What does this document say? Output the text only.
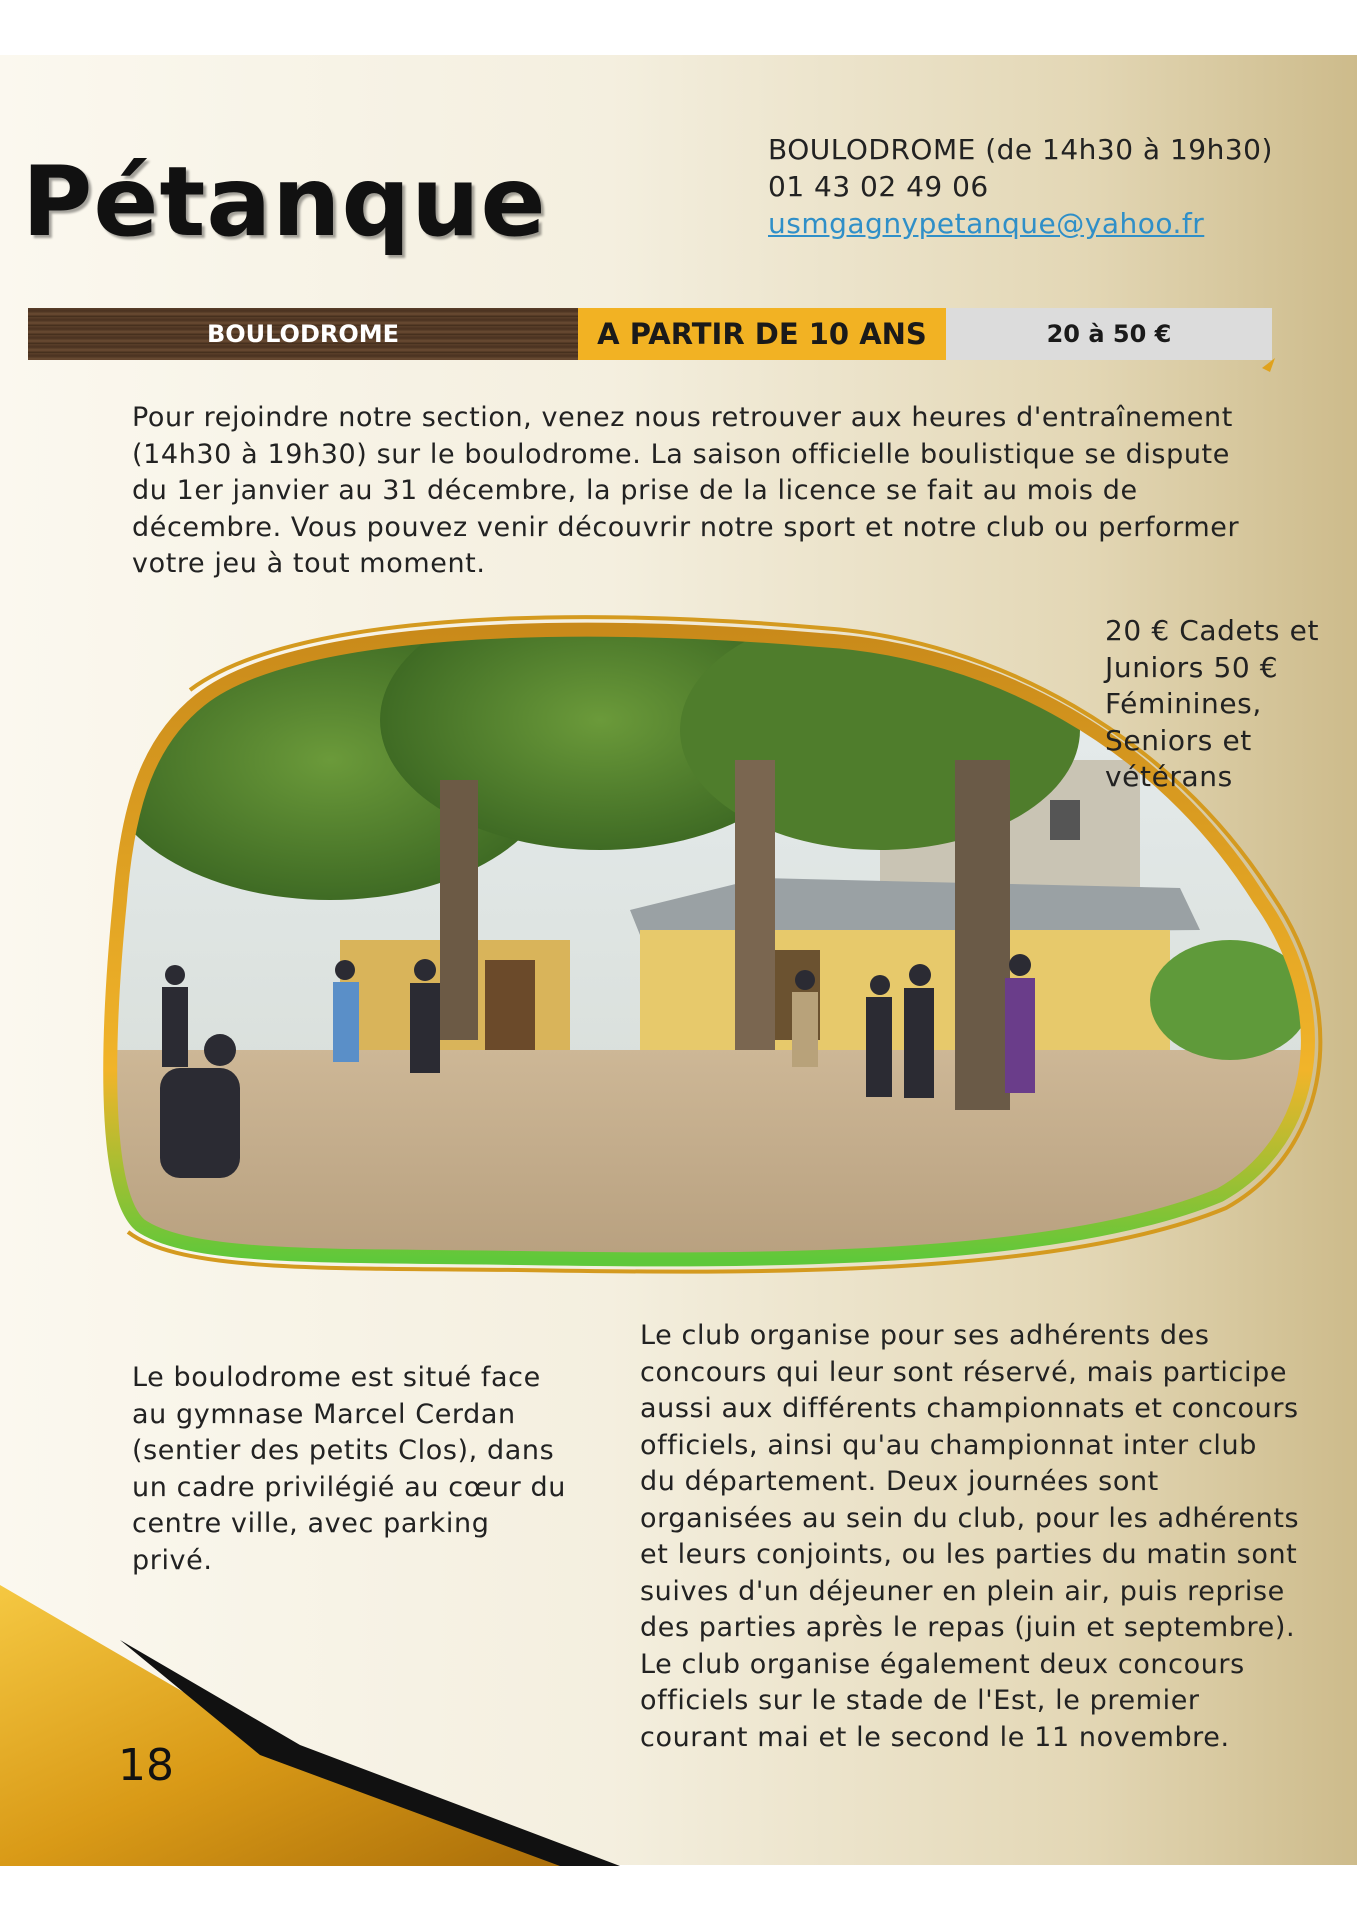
Pétanque	BOULODROME (de 14h30 à 19h30)
01 43 02 49 06
usmgagnypetanque@yahoo.fr
BOULODROME	A PARTIR DE 10 ANS	20 à 50 €

Pour rejoindre notre section, venez nous retrouver aux heures d'entraînement (14h30 à 19h30) sur le boulodrome. La saison officielle boulistique se dispute du 1er janvier au 31 décembre, la prise de la licence se fait au mois de décembre. Vous pouvez venir découvrir notre sport et notre club ou performer votre jeu à tout moment.

20 € Cadets et Juniors 50 € Féminines, Seniors et vétérans

Le boulodrome est situé face au gymnase Marcel Cerdan (sentier des petits Clos), dans un cadre privilégié au cœur du centre ville, avec parking privé.

Le club organise pour ses adhérents des concours qui leur sont réservé, mais participe aussi aux différents championnats et concours officiels, ainsi qu'au championnat inter club du département. Deux journées sont organisées au sein du club, pour les adhérents et leurs conjoints, ou les parties du matin sont suives d'un déjeuner en plein air, puis reprise des parties après le repas (juin et septembre). Le club organise également deux concours officiels sur le stade de l'Est, le premier courant mai et le second le 11 novembre.

18
